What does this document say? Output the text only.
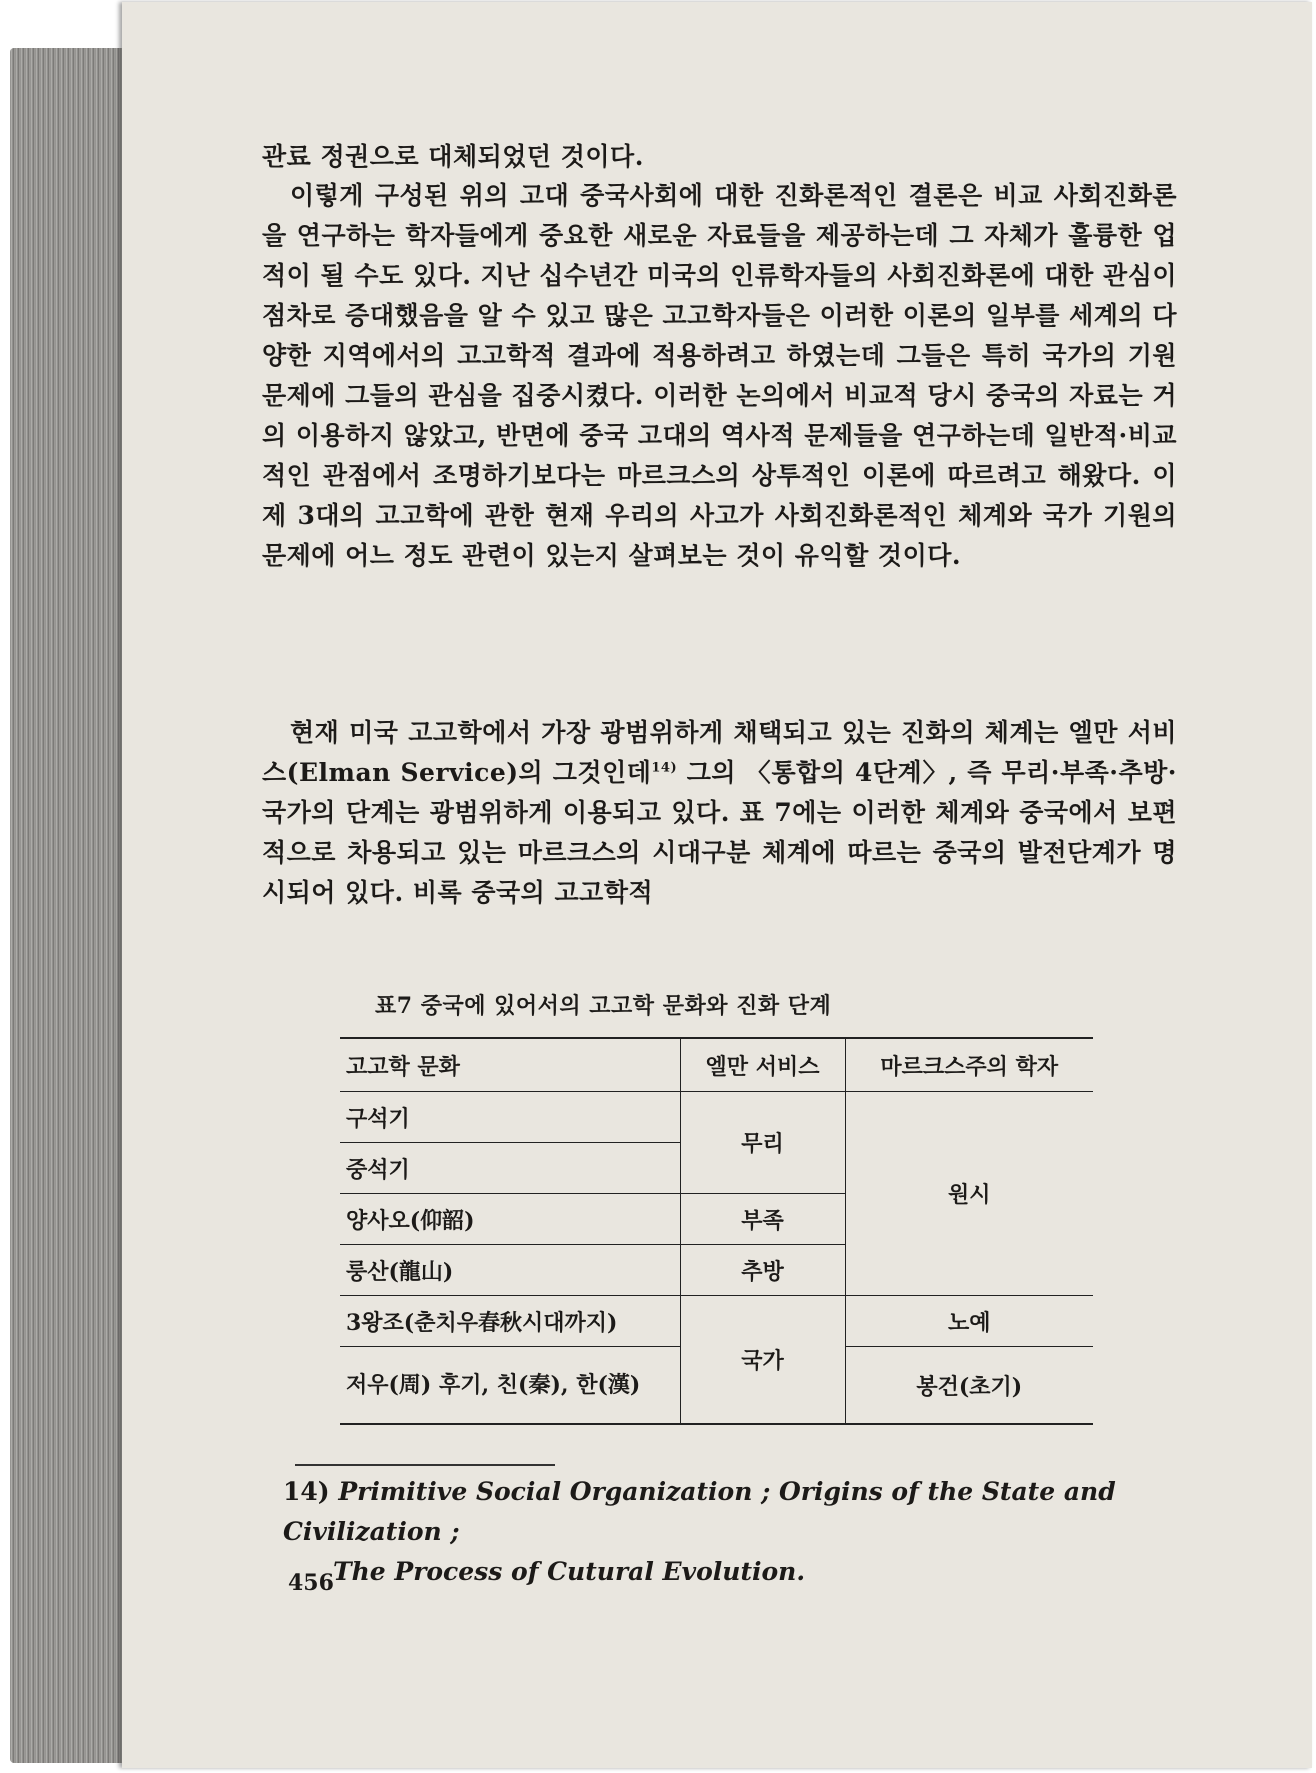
관료 정권으로 대체되었던 것이다.

이렇게 구성된 위의 고대 중국사회에 대한 진화론적인 결론은 비교 사회진화론을 연구하는 학자들에게 중요한 새로운 자료들을 제공하는데 그 자체가 훌륭한 업적이 될 수도 있다. 지난 십수년간 미국의 인류학자들의 사회진화론에 대한 관심이 점차로 증대했음을 알 수 있고 많은 고고학자들은 이러한 이론의 일부를 세계의 다양한 지역에서의 고고학적 결과에 적용하려고 하였는데 그들은 특히 국가의 기원 문제에 그들의 관심을 집중시켰다. 이러한 논의에서 비교적 당시 중국의 자료는 거의 이용하지 않았고, 반면에 중국 고대의 역사적 문제들을 연구하는데 일반적·비교적인 관점에서 조명하기보다는 마르크스의 상투적인 이론에 따르려고 해왔다. 이제 3대의 고고학에 관한 현재 우리의 사고가 사회진화론적인 체계와 국가 기원의 문제에 어느 정도 관련이 있는지 살펴보는 것이 유익할 것이다.

현재 미국 고고학에서 가장 광범위하게 채택되고 있는 진화의 체계는 엘만 서비스(Elman Service)의 그것인데$^{14)}$ 그의 〈통합의 4단계〉, 즉 무리·부족·추방·국가의 단계는 광범위하게 이용되고 있다. 표 7에는 이러한 체계와 중국에서 보편적으로 차용되고 있는 마르크스의 시대구분 체계에 따르는 중국의 발전단계가 명시되어 있다. 비록 중국의 고고학적

표7 중국에 있어서의 고고학 문화와 진화 단계
고고학 문화	엘만 서비스	마르크스주의 학자
구석기	무리	원시
중석기		
양사오(仰韶)	부족	
룽산(龍山)	추방	
3왕조(춘치우春秋시대까지)	국가	노예
저우(周) 후기, 친(秦), 한(漢)		봉건(초기)
14) Primitive Social Organization ; Origins of the State and Civilization ;
The Process of Cutural Evolution.
456
